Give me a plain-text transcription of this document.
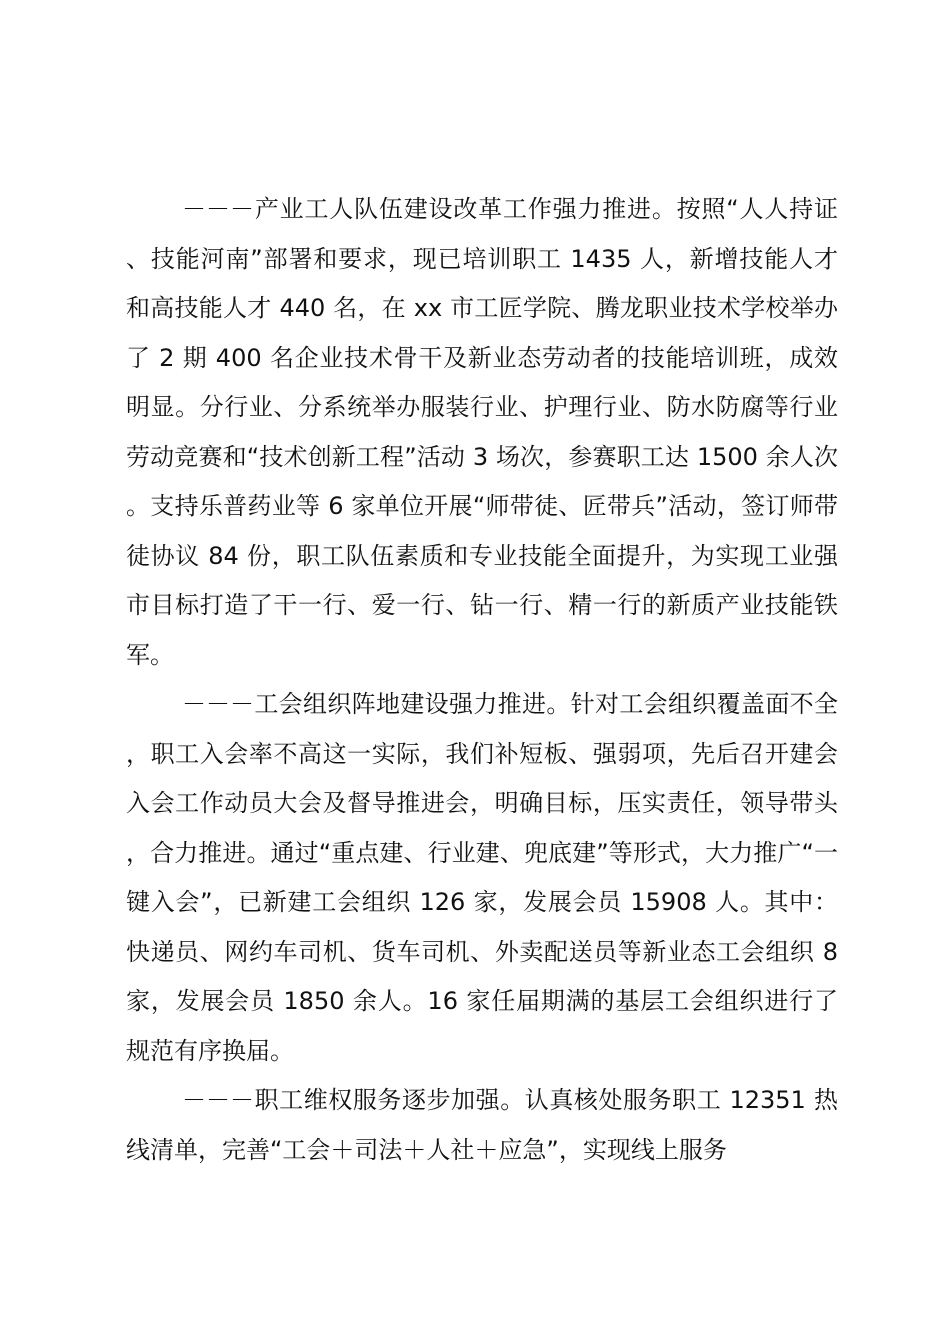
－－－产业工人队伍建设改革工作强力推进。按照“人人持证、技能河南”部署和要求，现已培训职工 1435 人，新增技能人才和高技能人才 440 名，在 xx 市工匠学院、腾龙职业技术学校举办了 2 期 400 名企业技术骨干及新业态劳动者的技能培训班，成效明显。分行业、分系统举办服装行业、护理行业、防水防腐等行业劳动竞赛和“技术创新工程”活动 3 场次，参赛职工达 1500 余人次。支持乐普药业等 6 家单位开展“师带徒、匠带兵”活动，签订师带徒协议 84 份，职工队伍素质和专业技能全面提升，为实现工业强市目标打造了干一行、爱一行、钻一行、精一行的新质产业技能铁军。

－－－工会组织阵地建设强力推进。针对工会组织覆盖面不全，职工入会率不高这一实际，我们补短板、强弱项，先后召开建会入会工作动员大会及督导推进会，明确目标，压实责任，领导带头，合力推进。通过“重点建、行业建、兜底建”等形式，大力推广“一键入会”，已新建工会组织 126 家，发展会员 15908 人。其中：快递员、网约车司机、货车司机、外卖配送员等新业态工会组织 8 家，发展会员 1850 余人。16 家任届期满的基层工会组织进行了规范有序换届。

－－－职工维权服务逐步加强。认真核处服务职工 12351 热线清单，完善“工会＋司法＋人社＋应急”，实现线上服务
